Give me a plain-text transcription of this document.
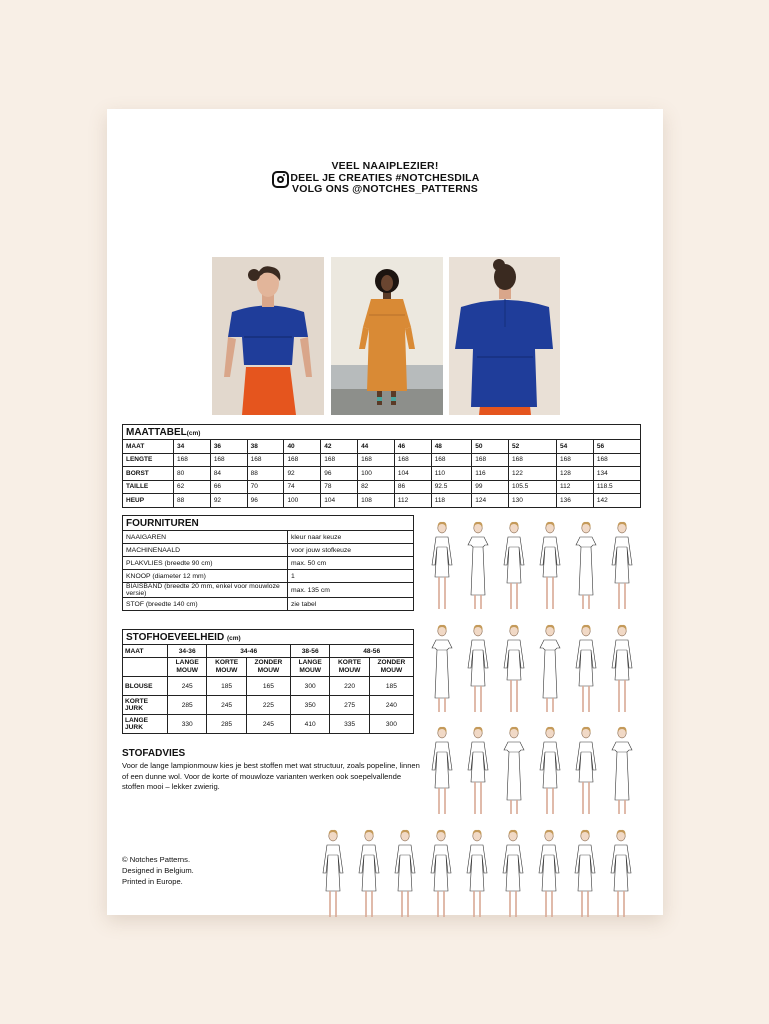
VEEL NAAIPLEZIER!
DEEL JE CREATIES #NOTCHESDILA
VOLG ONS @NOTCHES_PATTERNS
MAATTABEL(cm)
MAAT	34	36	38	40	42	44	46	48	50	52	54	56
LENGTE	168	168	168	168	168	168	168	168	168	168	168	168
BORST	80	84	88	92	96	100	104	110	116	122	128	134
TAILLE	62	66	70	74	78	82	86	92.5	99	105.5	112	118.5
HEUP	88	92	96	100	104	108	112	118	124	130	136	142
FOURNITUREN
NAAIGAREN	kleur naar keuze
MACHINENAALD	voor jouw stofkeuze
PLAKVLIES (breedte 90 cm)	max. 50 cm
KNOOP (diameter 12 mm)	1
BIAISBAND (breedte 20 mm, enkel voor mouwloze versie)	max. 135 cm
STOF (breedte 140 cm)	zie tabel
STOFHOEVEELHEID (cm)
MAAT	34-36	34-46		38-56	48-56	
	LANGE MOUW	KORTE MOUW	ZONDER MOUW	LANGE MOUW	KORTE MOUW	ZONDER MOUW
BLOUSE	245	185	165	300	220	185
KORTE JURK	285	245	225	350	275	240
LANGE JURK	330	285	245	410	335	300
STOFADVIES
Voor de lange lampionmouw kies je best stoffen met wat structuur, zoals popeline, linnen of een dunne wol. Voor de korte of mouwloze varianten werken ook soepelvallende stoffen mooi – lekker zwierig.
© Notches Patterns.
Designed in Belgium.
Printed in Europe.
